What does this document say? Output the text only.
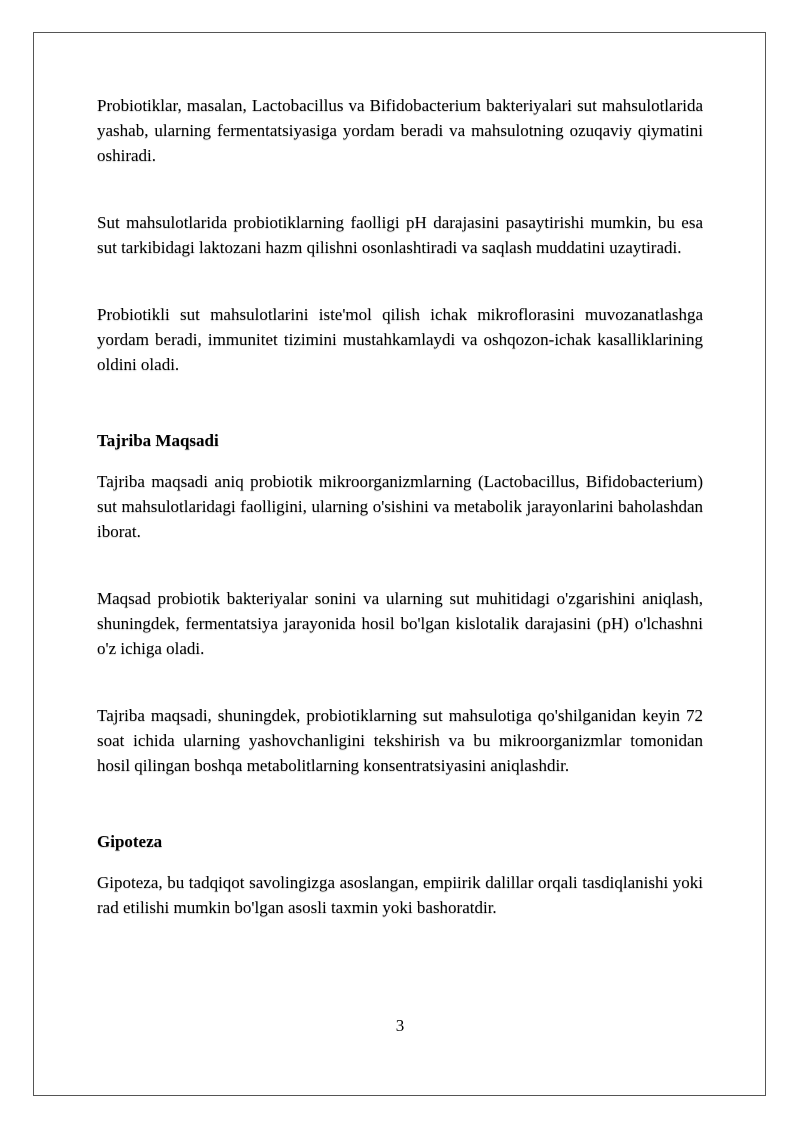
Probiotiklar, masalan, Lactobacillus va Bifidobacterium bakteriyalari sut mahsulotlarida yashab, ularning fermentatsiyasiga yordam beradi va mahsulotning ozuqaviy qiymatini oshiradi.

Sut mahsulotlarida probiotiklarning faolligi pH darajasini pasaytirishi mumkin, bu esa sut tarkibidagi laktozani hazm qilishni osonlashtiradi va saqlash muddatini uzaytiradi.

Probiotikli sut mahsulotlarini iste'mol qilish ichak mikroflorasini muvozanatlashga yordam beradi, immunitet tizimini mustahkamlaydi va oshqozon-ichak kasalliklarining oldini oladi.

Tajriba Maqsadi

Tajriba maqsadi aniq probiotik mikroorganizmlarning (Lactobacillus, Bifidobacterium) sut mahsulotlaridagi faolligini, ularning o'sishini va metabolik jarayonlarini baholashdan iborat.

Maqsad probiotik bakteriyalar sonini va ularning sut muhitidagi o'zgarishini aniqlash, shuningdek, fermentatsiya jarayonida hosil bo'lgan kislotalik darajasini (pH) o'lchashni o'z ichiga oladi.

Tajriba maqsadi, shuningdek, probiotiklarning sut mahsulotiga qo'shilganidan keyin 72 soat ichida ularning yashovchanligini tekshirish va bu mikroorganizmlar tomonidan hosil qilingan boshqa metabolitlarning konsentratsiyasini aniqlashdir.

Gipoteza

Gipoteza, bu tadqiqot savolingizga asoslangan, empiirik dalillar orqali tasdiqlanishi yoki rad etilishi mumkin bo'lgan asosli taxmin yoki bashoratdir.

3
